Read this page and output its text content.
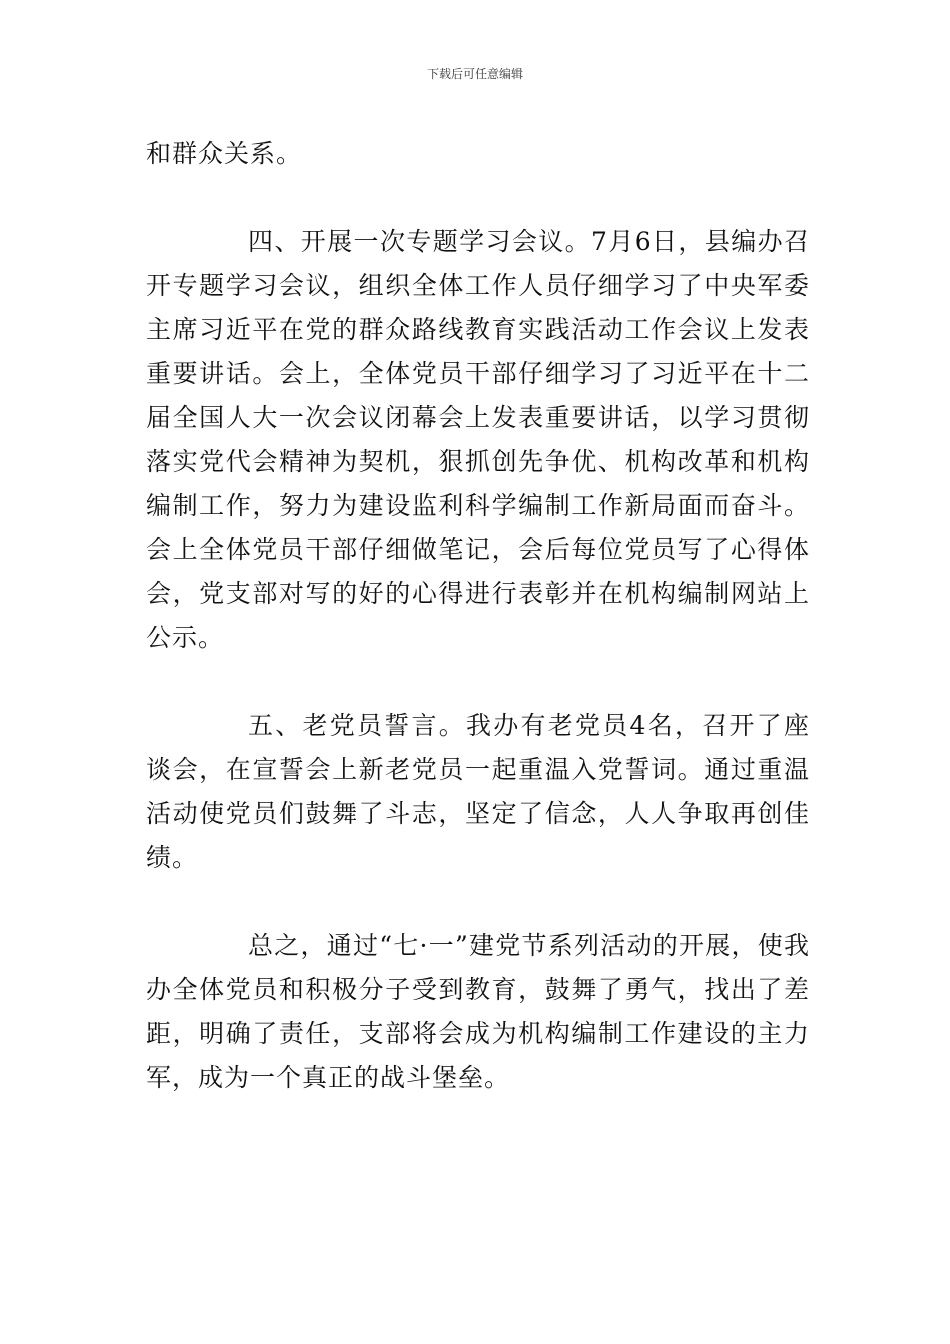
下载后可任意编辑

和群众关系。

四、开展一次专题学习会议。7月6日，县编办召开专题学习会议，组织全体工作人员仔细学习了中央军委主席习近平在党的群众路线教育实践活动工作会议上发表重要讲话。会上，全体党员干部仔细学习了习近平在十二届全国人大一次会议闭幕会上发表重要讲话，以学习贯彻落实党代会精神为契机，狠抓创先争优、机构改革和机构编制工作，努力为建设监利科学编制工作新局面而奋斗。会上全体党员干部仔细做笔记，会后每位党员写了心得体会，党支部对写的好的心得进行表彰并在机构编制网站上公示。

五、老党员誓言。我办有老党员4名，召开了座谈会，在宣誓会上新老党员一起重温入党誓词。通过重温活动使党员们鼓舞了斗志，坚定了信念，人人争取再创佳绩。

总之，通过“七·一”建党节系列活动的开展，使我办全体党员和积极分子受到教育，鼓舞了勇气，找出了差距，明确了责任，支部将会成为机构编制工作建设的主力军，成为一个真正的战斗堡垒。
